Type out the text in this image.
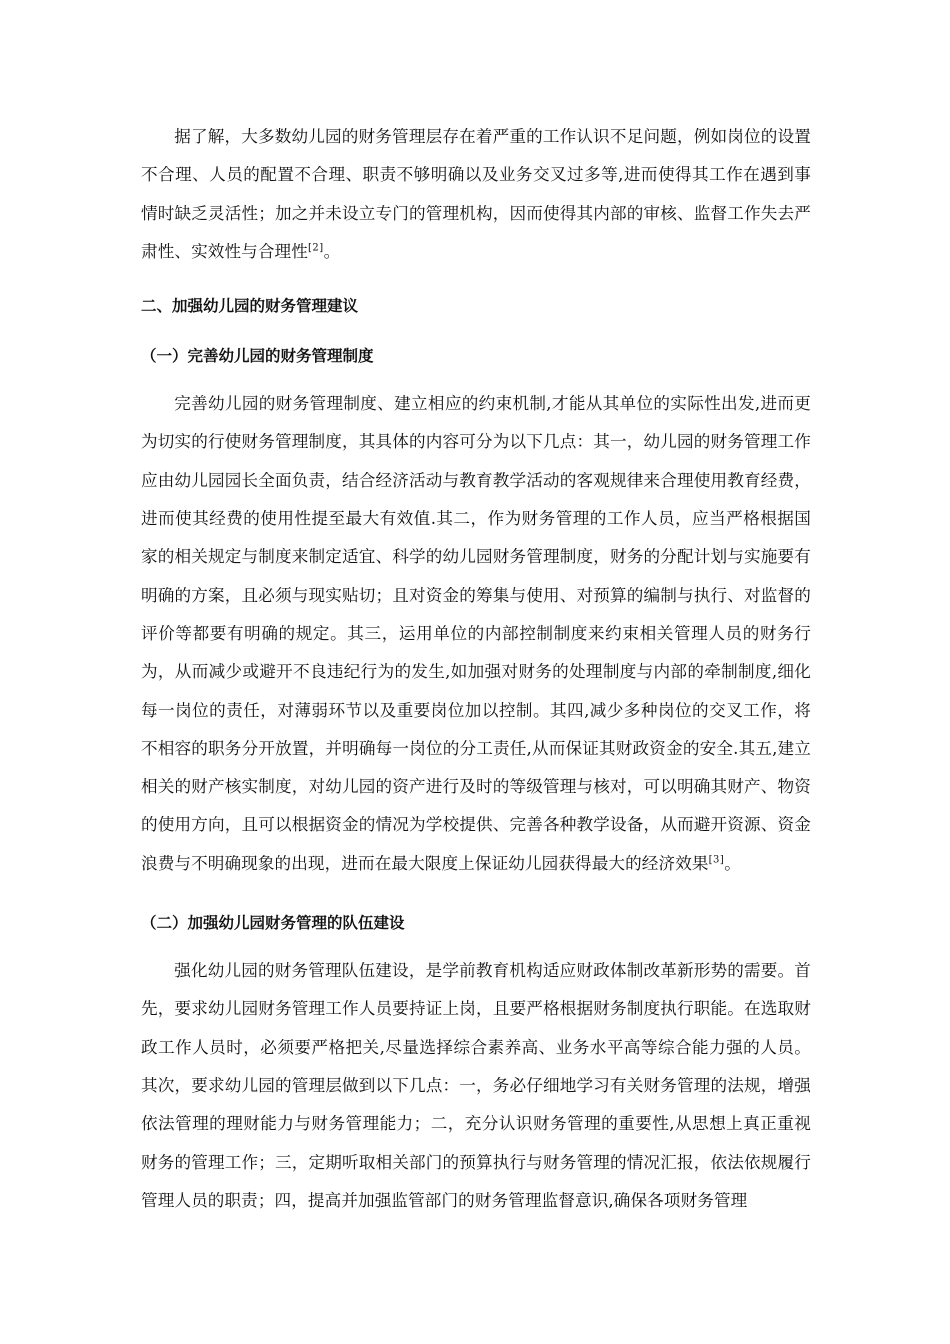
据了解，大多数幼儿园的财务管理层存在着严重的工作认识不足问题，例如岗位的设置不合理、人员的配置不合理、职责不够明确以及业务交叉过多等,进而使得其工作在遇到事情时缺乏灵活性；加之并未设立专门的管理机构，因而使得其内部的审核、监督工作失去严肃性、实效性与合理性[2]。

二、加强幼儿园的财务管理建议
（一）完善幼儿园的财务管理制度

完善幼儿园的财务管理制度、建立相应的约束机制,才能从其单位的实际性出发,进而更为切实的行使财务管理制度，其具体的内容可分为以下几点：其一，幼儿园的财务管理工作应由幼儿园园长全面负责，结合经济活动与教育教学活动的客观规律来合理使用教育经费，进而使其经费的使用性提至最大有效值.其二，作为财务管理的工作人员，应当严格根据国家的相关规定与制度来制定适宜、科学的幼儿园财务管理制度，财务的分配计划与实施要有明确的方案，且必须与现实贴切；且对资金的筹集与使用、对预算的编制与执行、对监督的评价等都要有明确的规定。其三，运用单位的内部控制制度来约束相关管理人员的财务行为，从而减少或避开不良违纪行为的发生,如加强对财务的处理制度与内部的牵制制度,细化每一岗位的责任，对薄弱环节以及重要岗位加以控制。其四,减少多种岗位的交叉工作，将不相容的职务分开放置，并明确每一岗位的分工责任,从而保证其财政资金的安全.其五,建立相关的财产核实制度，对幼儿园的资产进行及时的等级管理与核对，可以明确其财产、物资的使用方向，且可以根据资金的情况为学校提供、完善各种教学设备，从而避开资源、资金浪费与不明确现象的出现，进而在最大限度上保证幼儿园获得最大的经济效果[3]。

（二）加强幼儿园财务管理的队伍建设

强化幼儿园的财务管理队伍建设，是学前教育机构适应财政体制改革新形势的需要。首先，要求幼儿园财务管理工作人员要持证上岗，且要严格根据财务制度执行职能。在选取财政工作人员时，必须要严格把关,尽量选择综合素养高、业务水平高等综合能力强的人员。其次，要求幼儿园的管理层做到以下几点：一，务必仔细地学习有关财务管理的法规，增强依法管理的理财能力与财务管理能力；二，充分认识财务管理的重要性,从思想上真正重视财务的管理工作；三，定期听取相关部门的预算执行与财务管理的情况汇报，依法依规履行管理人员的职责；四，提高并加强监管部门的财务管理监督意识,确保各项财务管理
